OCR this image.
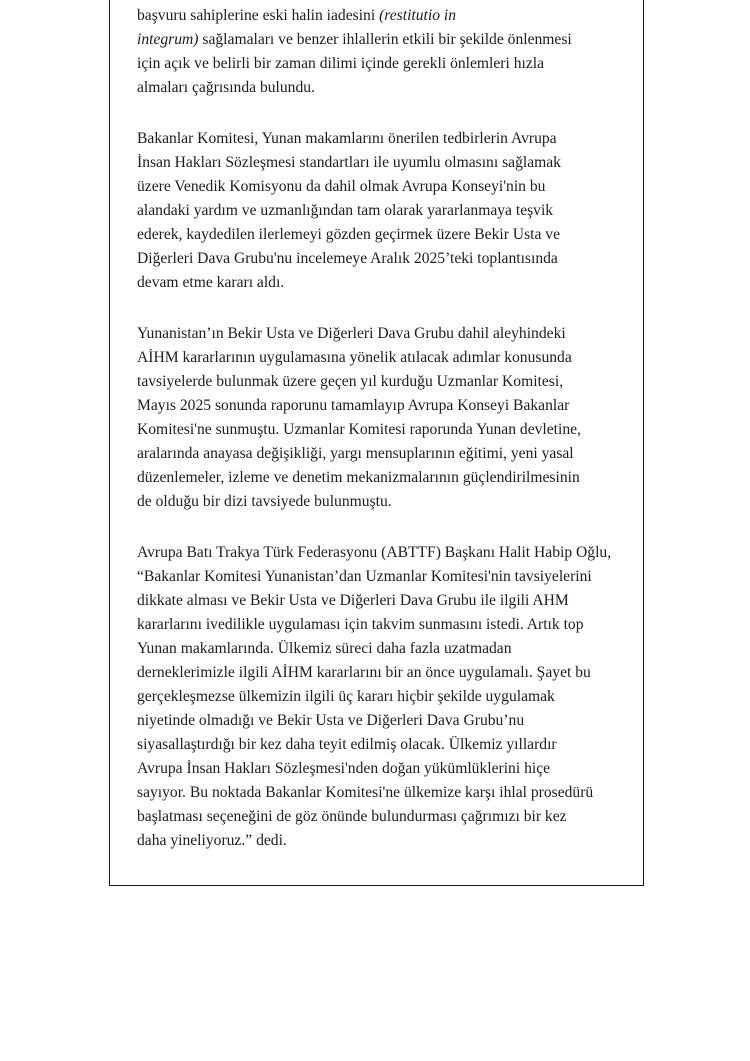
başvuru sahiplerine eski halin iadesini (restitutio in
integrum) sağlamaları ve benzer ihlallerin etkili bir şekilde önlenmesi
için açık ve belirli bir zaman dilimi içinde gerekli önlemleri hızla
almaları çağrısında bulundu.
Bakanlar Komitesi, Yunan makamlarını önerilen tedbirlerin Avrupa
İnsan Hakları Sözleşmesi standartları ile uyumlu olmasını sağlamak
üzere Venedik Komisyonu da dahil olmak Avrupa Konseyi'nin bu
alandaki yardım ve uzmanlığından tam olarak yararlanmaya teşvik
ederek, kaydedilen ilerlemeyi gözden geçirmek üzere Bekir Usta ve
Diğerleri Dava Grubu'nu incelemeye Aralık 2025’teki toplantısında
devam etme kararı aldı.
Yunanistan’ın Bekir Usta ve Diğerleri Dava Grubu dahil aleyhindeki
AİHM kararlarının uygulamasına yönelik atılacak adımlar konusunda
tavsiyelerde bulunmak üzere geçen yıl kurduğu Uzmanlar Komitesi,
Mayıs 2025 sonunda raporunu tamamlayıp Avrupa Konseyi Bakanlar
Komitesi'ne sunmuştu. Uzmanlar Komitesi raporunda Yunan devletine,
aralarında anayasa değişikliği, yargı mensuplarının eğitimi, yeni yasal
düzenlemeler, izleme ve denetim mekanizmalarının güçlendirilmesinin
de olduğu bir dizi tavsiyede bulunmuştu.
Avrupa Batı Trakya Türk Federasyonu (ABTTF) Başkanı Halit Habip Oğlu,
“Bakanlar Komitesi Yunanistan’dan Uzmanlar Komitesi'nin tavsiyelerini
dikkate alması ve Bekir Usta ve Diğerleri Dava Grubu ile ilgili AHM
kararlarını ivedilikle uygulaması için takvim sunmasını istedi. Artık top
Yunan makamlarında. Ülkemiz süreci daha fazla uzatmadan
derneklerimizle ilgili AİHM kararlarını bir an önce uygulamalı. Şayet bu
gerçekleşmezse ülkemizin ilgili üç kararı hiçbir şekilde uygulamak
niyetinde olmadığı ve Bekir Usta ve Diğerleri Dava Grubu’nu
siyasallaştırdığı bir kez daha teyit edilmiş olacak. Ülkemiz yıllardır
Avrupa İnsan Hakları Sözleşmesi'nden doğan yükümlüklerini hiçe
sayıyor. Bu noktada Bakanlar Komitesi'ne ülkemize karşı ihlal prosedürü
başlatması seçeneğini de göz önünde bulundurması çağrımızı bir kez
daha yineliyoruz.” dedi.
